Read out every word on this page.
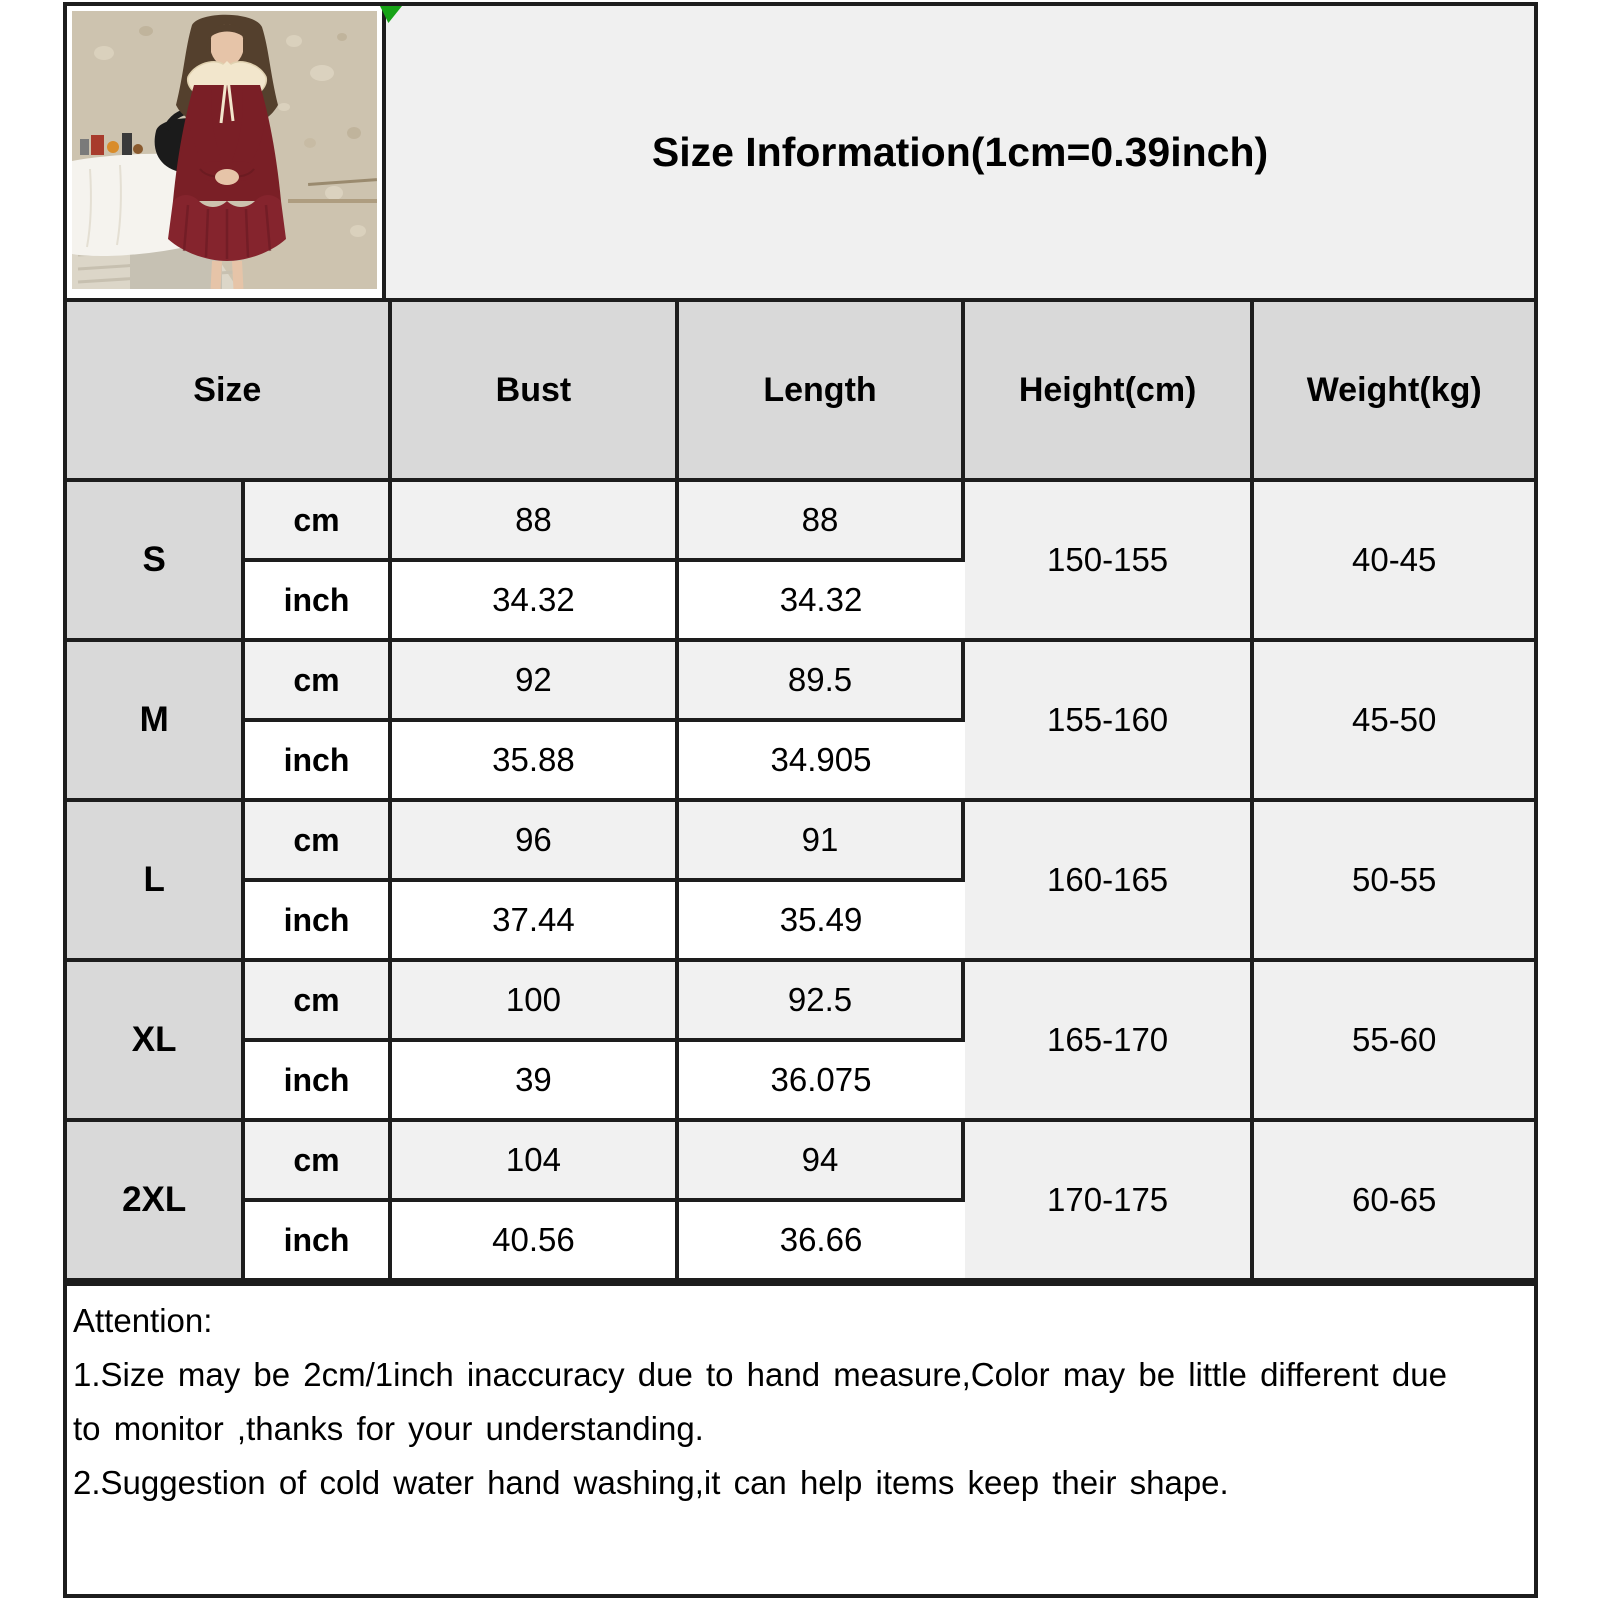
Size Information(1cm=0.39inch)
Size		Bust	Length	Height(cm)	Weight(kg)
S	cm	88	88	150-155	40-45
	inch	34.32	34.32		
M	cm	92	89.5	155-160	45-50
	inch	35.88	34.905		
L	cm	96	91	160-165	50-55
	inch	37.44	35.49		
XL	cm	100	92.5	165-170	55-60
	inch	39	36.075		
2XL	cm	104	94	170-175	60-65
	inch	40.56	36.66		
Attention:
1.Size may be 2cm/1inch inaccuracy due to hand measure,Color may be little different due
to monitor ,thanks for your understanding.
2.Suggestion of cold water hand washing,it can help items keep their shape.
